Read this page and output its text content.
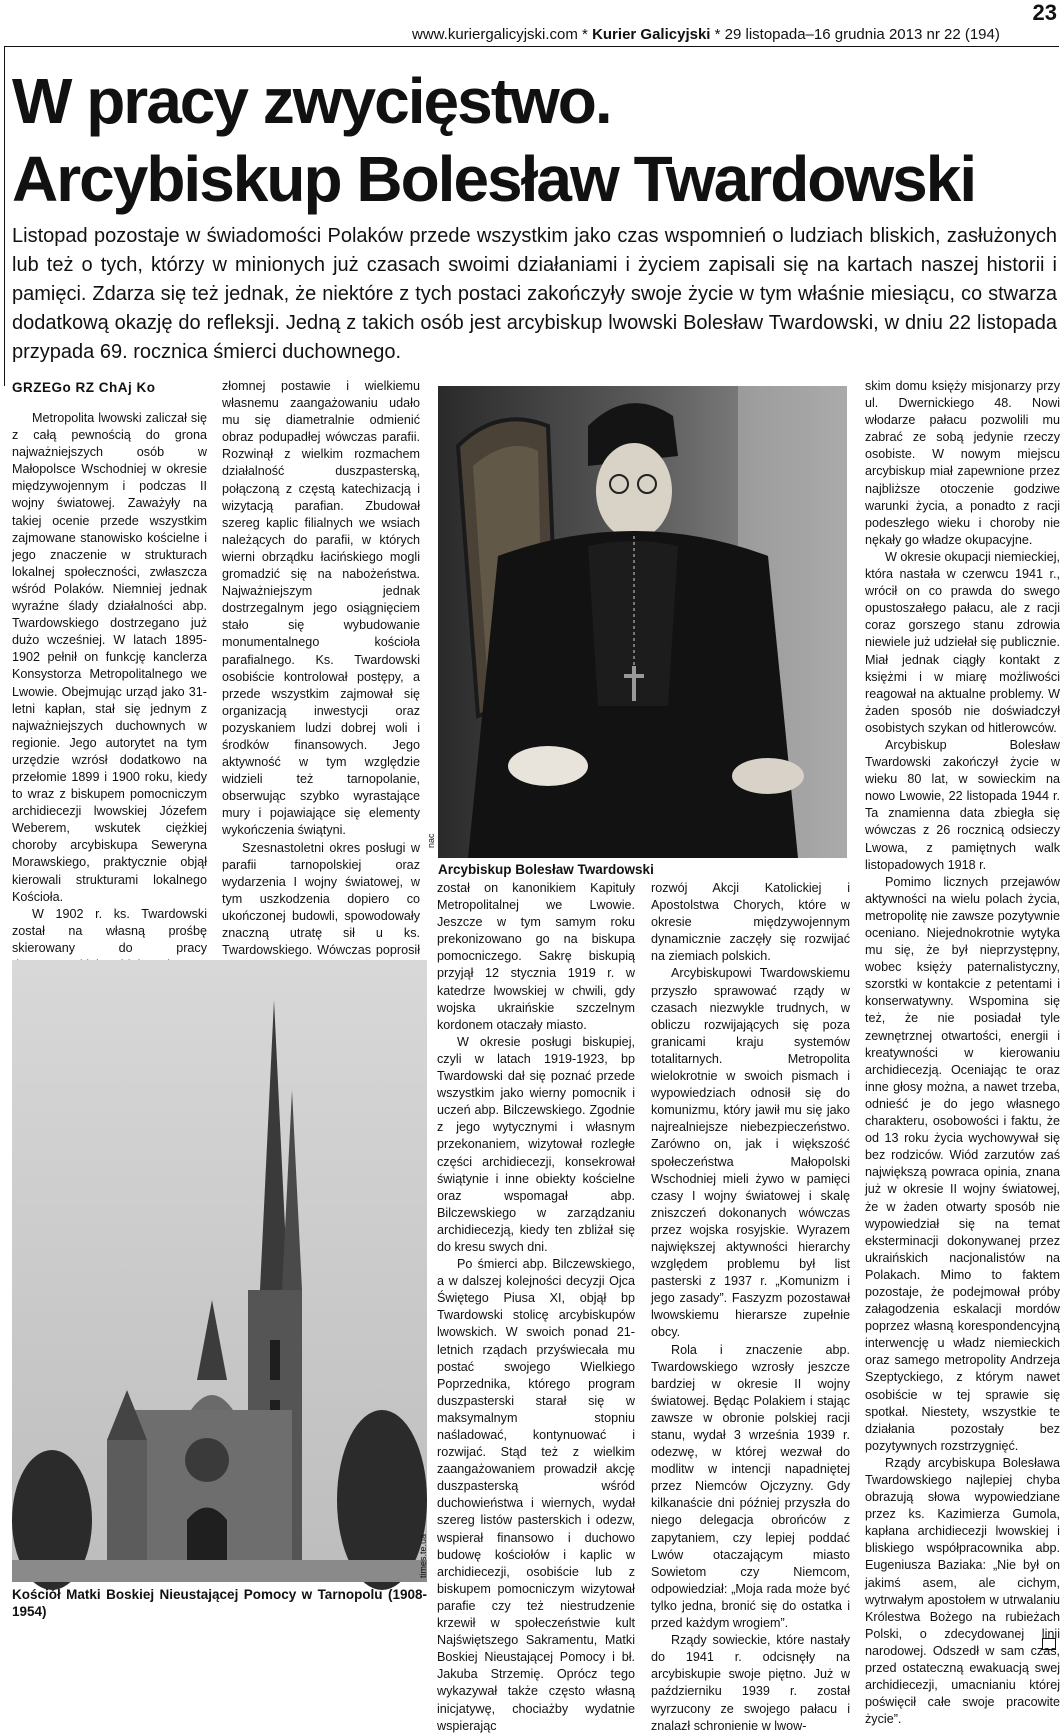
23
www.kuriergalicyjski.com * Kurier Galicyjski * 29 listopada–16 grudnia 2013 nr 22 (194)
W pracy zwycięstwo.
Arcybiskup Bolesław Twardowski
Listopad pozostaje w świadomości Polaków przede wszystkim jako czas wspomnień o ludziach bliskich, zasłużonych lub też o tych, którzy w minionych już czasach swoimi działaniami i życiem zapisali się na kartach naszej historii i pamięci. Zdarza się też jednak, że niektóre z tych postaci zakończyły swoje życie w tym właśnie miesiącu, co stwarza dodatkową okazję do refleksji. Jedną z takich osób jest arcybiskup lwowski Bolesław Twardowski, w dniu 22 listopada przypada 69. rocznica śmierci duchownego.
GRZEGo RZ ChAj Ko

Metropolita lwowski zaliczał się z całą pewnością do grona najważniejszych osób w Małopolsce Wschodniej w okresie międzywojennym i podczas II wojny światowej. Zaważyły na takiej ocenie przede wszystkim zajmowane stanowisko kościelne i jego znaczenie w strukturach lokalnej społeczności, zwłaszcza wśród Polaków. Niemniej jednak wyraźne ślady działalności abp. Twardowskiego dostrzegano już dużo wcześniej. W latach 1895-1902 pełnił on funkcję kanclerza Konsystorza Metropolitalnego we Lwowie. Obejmując urząd jako 31-letni kapłan, stał się jednym z najważniejszych duchownych w regionie. Jego autorytet na tym urzędzie wzrósł dodatkowo na przełomie 1899 i 1900 roku, kiedy to wraz z biskupem pomocniczym archidiecezji lwowskiej Józefem Weberem, wskutek ciężkiej choroby arcybiskupa Seweryna Morawskiego, praktycznie objął kierowali strukturami lokalnego Kościoła.

W 1902 r. ks. Twardowski został na własną prośbę skierowany do pracy

złomnej postawie i wielkiemu własnemu zaangażowaniu udało mu się diametralnie odmienić obraz podupadłej wówczas parafii. Rozwinął z wielkim rozmachem działalność duszpasterską, połączoną z częstą katechizacją i wizytacją parafian. Zbudował szereg kaplic filialnych we wsiach należących do parafii, w których wierni obrządku łacińskiego mogli gromadzić się na nabożeństwa. Najważniejszym jednak dostrzegalnym jego osiągnięciem stało się wybudowanie monumentalnego kościoła parafialnego. Ks. Twardowski osobiście kontrolował postępy, a przede wszystkim zajmował się organizacją inwestycji oraz pozyskaniem ludzi dobrej woli i środków finansowych. Jego aktywność w tym względzie widzieli też tarnopolanie, obserwując szybko wyrastające mury i pojawiające się elementy wykończenia świątyni.

Szesnastoletni okres posługi w parafii tarnopolskiej oraz wydarzenia I wojny światowej, w tym uszkodzenia dopiero co ukończonej budowli, spowodowały znaczną utratę sił u ks. Twardowskiego. Wówczas poprosił

nac
Arcybiskup Bolesław Twardowski
times.te.ua
Kościół Matki Boskiej Nieustającej Pomocy w Tarnopolu (1908-1954)

został on kanonikiem Kapituły Metropolitalnej we Lwowie. Jeszcze w tym samym roku prekonizowano go na biskupa pomocniczego. Sakrę biskupią przyjął 12 stycznia 1919 r. w katedrze lwowskiej w chwili, gdy wojska ukraińskie szczelnym kordonem otaczały miasto.

W okresie posługi biskupiej, czyli w latach 1919-1923, bp Twardowski dał się poznać przede wszystkim jako wierny pomocnik i uczeń abp. Bilczewskiego. Zgodnie z jego wytycznymi i własnym przekonaniem, wizytował rozległe części archidiecezji, konsekrował świątynie i inne obiekty kościelne oraz wspomagał abp. Bilczewskiego w zarządzaniu archidiecezją, kiedy ten zbliżał się do kresu swych dni.

Po śmierci abp. Bilczewskiego, a w dalszej kolejności decyzji Ojca Świętego Piusa XI, objął bp Twardowski stolicę arcybiskupów lwowskich. W swoich ponad 21-letnich rządach przyświecała mu postać swojego Wielkiego Poprzednika, którego program duszpasterski starał się w maksymalnym stopniu naśladować, kontynuować i rozwijać. Stąd też z wielkim zaangażowaniem prowadził akcję duszpasterską wśród duchowieństwa i wiernych, wydał szereg listów pasterskich i odezw, wspierał finansowo i duchowo budowę kościołów i kaplic w archidiecezji, osobiście lub z biskupem pomocniczym wizytował parafie czy też niestrudzenie krzewił w społeczeństwie kult Najświętszego Sakramentu, Matki Boskiej Nieustającej Pomocy i bł. Jakuba Strzemię. Oprócz tego wykazywał także często własną inicjatywę, chociażby wydatnie wspierając

rozwój Akcji Katolickiej i Apostolstwa Chorych, które w okresie międzywojennym dynamicznie zaczęły się rozwijać na ziemiach polskich.

Arcybiskupowi Twardowskiemu przyszło sprawować rządy w czasach niezwykle trudnych, w obliczu rozwijających się poza granicami kraju systemów totalitarnych. Metropolita wielokrotnie w swoich pismach i wypowiedziach odnosił się do komunizmu, który jawił mu się jako najrealniejsze niebezpieczeństwo. Zarówno on, jak i większość społeczeństwa Małopolski Wschodniej mieli żywo w pamięci czasy I wojny światowej i skalę zniszczeń dokonanych wówczas przez wojska rosyjskie. Wyrazem największej aktywności hierarchy względem problemu był list pasterski z 1937 r. „Komunizm i jego zasady”. Faszyzm pozostawał lwowskiemu hierarsze zupełnie obcy.

Rola i znaczenie abp. Twardowskiego wzrosły jeszcze bardziej w okresie II wojny światowej. Będąc Polakiem i stając zawsze w obronie polskiej racji stanu, wydał 3 września 1939 r. odezwę, w której wezwał do modlitw w intencji napadniętej przez Niemców Ojczyzny. Gdy kilkanaście dni później przyszła do niego delegacja obrońców z zapytaniem, czy lepiej poddać Lwów otaczającym miasto Sowietom czy Niemcom, odpowiedział: „Moja rada może być tylko jedna, bronić się do ostatka i przed każdym wrogiem”.

Rządy sowieckie, które nastały do 1941 r. odcisnęły na arcybiskupie swoje piętno. Już w październiku 1939 r. został wyrzucony ze swojego pałacu i znalazł schronienie w lwow-

skim domu księży misjonarzy przy ul. Dwernickiego 48. Nowi włodarze pałacu pozwolili mu zabrać ze sobą jedynie rzeczy osobiste. W nowym miejscu arcybiskup miał zapewnione przez najbliższe otoczenie godziwe warunki życia, a ponadto z racji podeszłego wieku i choroby nie nękały go władze okupacyjne.

W okresie okupacji niemieckiej, która nastała w czerwcu 1941 r., wrócił on co prawda do swego opustoszałego pałacu, ale z racji coraz gorszego stanu zdrowia niewiele już udziełał się publicznie. Miał jednak ciągły kontakt z księżmi i w miarę możliwości reagował na aktualne problemy. W żaden sposób nie doświadczył osobistych szykan od hitlerowców.

Arcybiskup Bolesław Twardowski zakończył życie w wieku 80 lat, w sowieckim na nowo Lwowie, 22 listopada 1944 r. Ta znamienna data zbiegła się wówczas z 26 rocznicą odsieczy Lwowa, z pamiętnych walk listopadowych 1918 r.

Pomimo licznych przejawów aktywności na wielu polach życia, metropolitę nie zawsze pozytywnie oceniano. Niejednokrotnie wytyka mu się, że był nieprzystępny, wobec księży paternalistyczny, szorstki w kontakcie z petentami i konserwatywny. Wspomina się też, że nie posiadał tyle zewnętrznej otwartości, energii i kreatywności w kierowaniu archidiecezją. Oceniając te oraz inne głosy można, a nawet trzeba, odnieść je do jego własnego charakteru, osobowości i faktu, że od 13 roku życia wychowywał się bez rodziców. Wiód zarzutów zaś największą powraca opinia, znana już w okresie II wojny światowej, że w żaden otwarty sposób nie wypowiedział się na temat eksterminacji dokonywanej przez ukraińskich nacjonalistów na Polakach. Mimo to faktem pozostaje, że podejmował próby załagodzenia eskalacji mordów poprzez własną korespondencyjną interwencję u władz niemieckich oraz samego metropolity Andrzeja Szeptyckiego, z którym nawet osobiście w tej sprawie się spotkał. Niestety, wszystkie te działania pozostały bez pozytywnych rozstrzygnięć.

Rządy arcybiskupa Bolesława Twardowskiego najlepiej chyba obrazują słowa wypowiedziane przez ks. Kazimierza Gumola, kapłana archidiecezji lwowskiej i bliskiego współpracownika abp. Eugeniusza Baziaka: „Nie był on jakimś asem, ale cichym, wytrwałym apostołem w utrwalaniu Królestwa Bożego na rubieżach Polski, o zdecydowanej linii narodowej. Odszedł w sam czas, przed ostateczną ewakuacją swej archidiecezji, umacnianiu której poświęcił całe swoje pracowite życie”.
